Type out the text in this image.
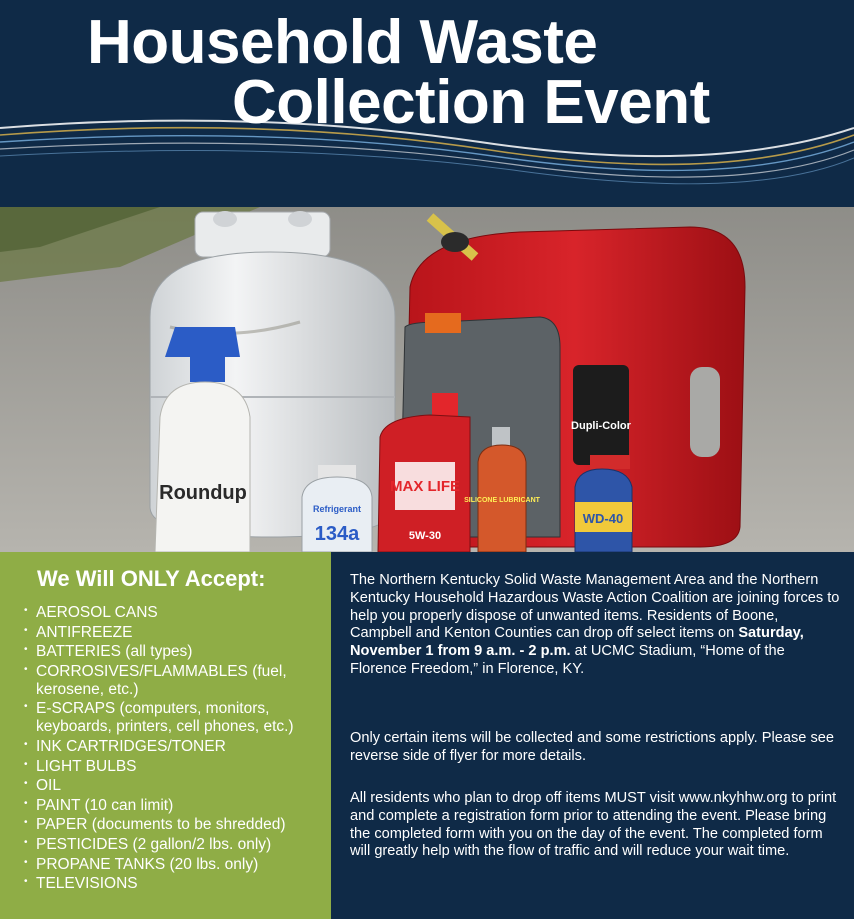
Household Waste
Collection Event
MAX LIFE
5W-30
Roundup
Refrigerant
134a
SILICONE LUBRICANT
Dupli-Color
WD-40
We Will ONLY Accept:
• AEROSOL CANS
• ANTIFREEZE
• BATTERIES (all types)
• CORROSIVES/FLAMMABLES (fuel, kerosene, etc.)
• E-SCRAPS (computers, monitors, keyboards, printers, cell phones, etc.)
• INK CARTRIDGES/TONER
• LIGHT BULBS
• OIL
• PAINT (10 can limit)
• PAPER (documents to be shredded)
• PESTICIDES (2 gallon/2 lbs. only)
• PROPANE TANKS (20 lbs. only)
• TELEVISIONS

The Northern Kentucky Solid Waste Management Area and the Northern Kentucky Household Hazardous Waste Action Coalition are joining forces to help you properly dispose of unwanted items. Residents of Boone, Campbell and Kenton Counties can drop off select items on Saturday, November 1 from 9 a.m. - 2 p.m. at UCMC Stadium, “Home of the Florence Freedom,” in Florence, KY.

Only certain items will be collected and some restrictions apply. Please see reverse side of flyer for more details.

All residents who plan to drop off items MUST visit www.nkyhhw.org to print and complete a registration form prior to attending the event. Please bring the completed form with you on the day of the event. The completed form will greatly help with the flow of traffic and will reduce your wait time.
